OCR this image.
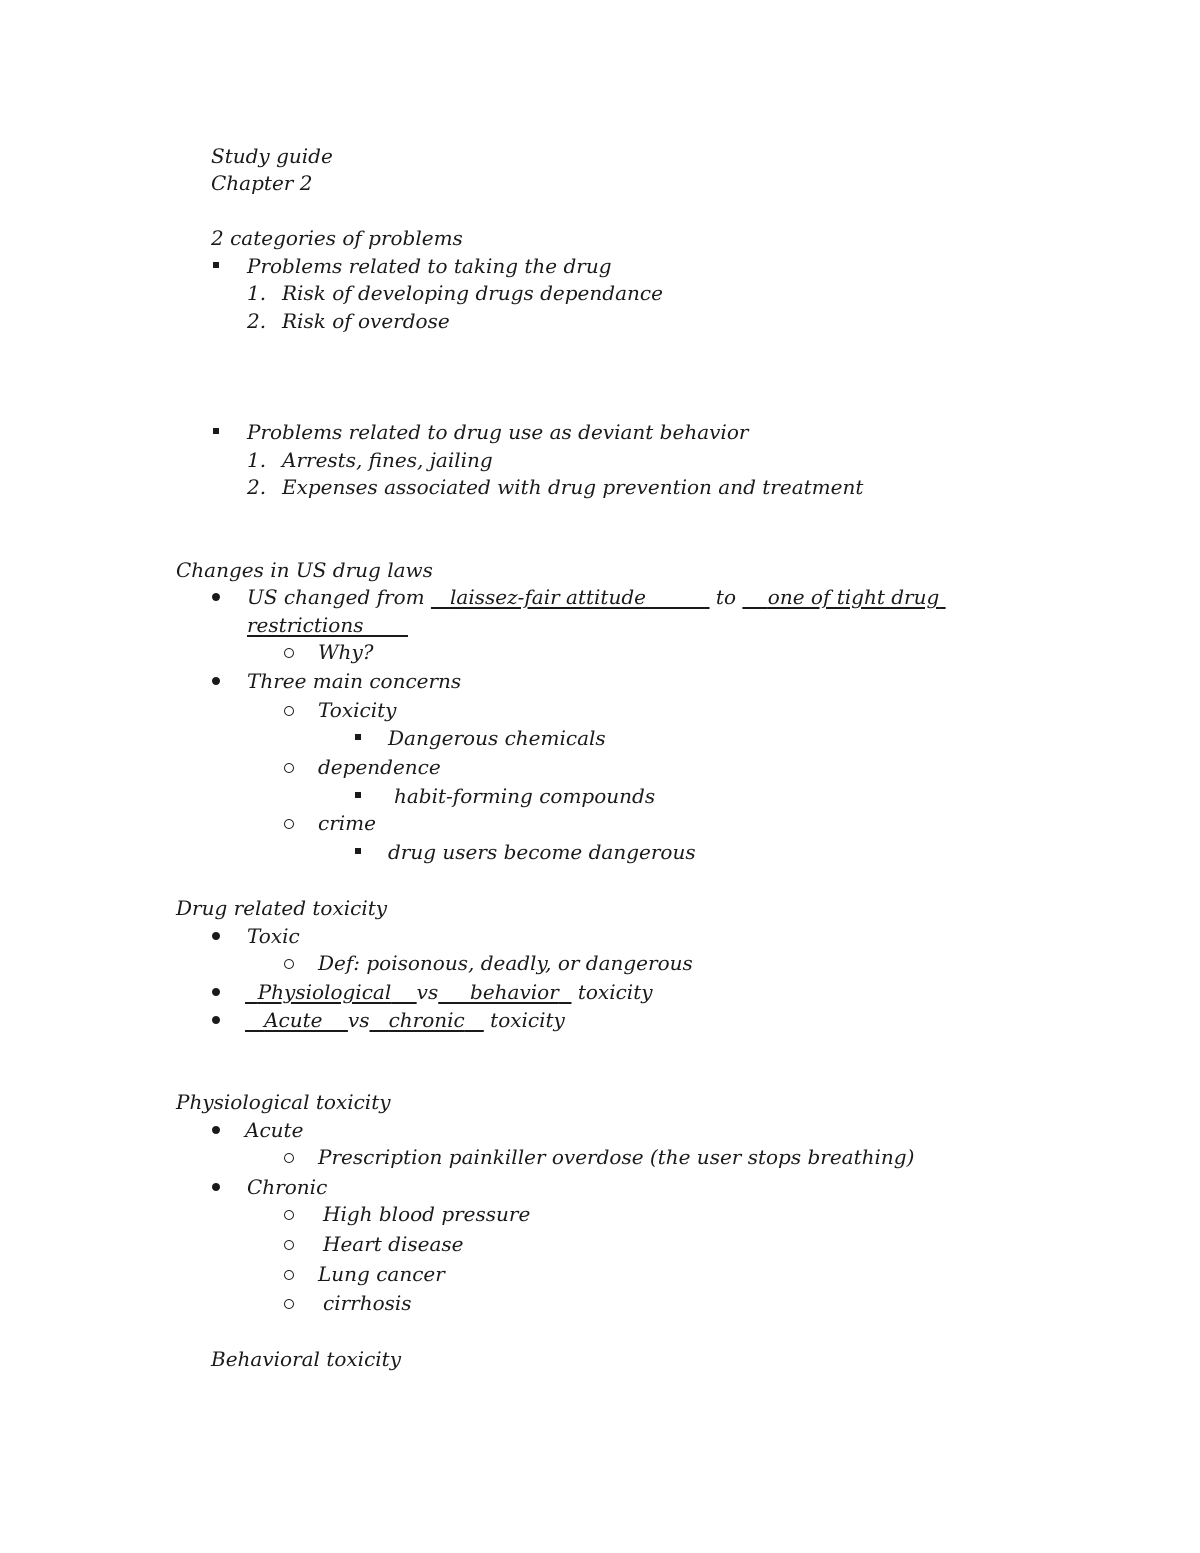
Study guide
Chapter 2
2 categories of problems
Problems related to taking the drug
1. Risk of developing drugs dependance
2. Risk of overdose
Problems related to drug use as deviant behavior
1. Arrests, fines, jailing
2. Expenses associated with drug prevention and treatment
Changes in US drug laws
US changed from laissez-fair attitude	to one of tight drug
restrictions
Why?
Three main concerns
Toxicity
Dangerous chemicals
dependence
habit-forming compounds
crime
drug users become dangerous
Drug related toxicity
Toxic
Def: poisonous, deadly, or dangerous
Physiological vs behavior toxicity
Acute vs chronic toxicity
Physiological toxicity
Acute
Prescription painkiller overdose (the user stops breathing)
Chronic
High blood pressure
Heart disease
Lung cancer
cirrhosis
Behavioral toxicity
